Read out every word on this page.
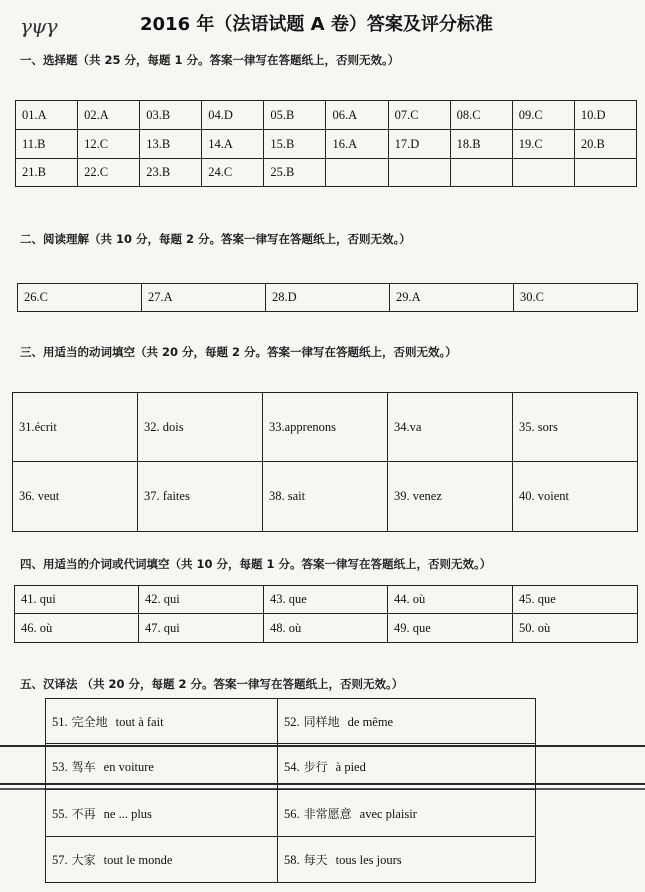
γψγ	2016 年（法语试题 A 卷）答案及评分标准
一、选择题（共 25 分，每题 1 分。答案一律写在答题纸上，否则无效。）
01.A	02.A	03.B	04.D	05.B	06.A	07.C	08.C	09.C	10.D
11.B	12.C	13.B	14.A	15.B	16.A	17.D	18.B	19.C	20.B
21.B	22.C	23.B	24.C	25.B					
二、阅读理解（共 10 分，每题 2 分。答案一律写在答题纸上，否则无效。）
26.C	27.A	28.D	29.A	30.C
三、用适当的动词填空（共 20 分，每题 2 分。答案一律写在答题纸上，否则无效。）
31.écrit	32. dois	33.apprenons	34.va	35. sors
36. veut	37. faites	38. sait	39. venez	40. voient
四、用适当的介词或代词填空（共 10 分，每题 1 分。答案一律写在答题纸上，否则无效。）
41. qui	42. qui	43. que	44. où	45. que
46. où	47. qui	48. où	49. que	50. où
五、汉译法 （共 20 分，每题 2 分。答案一律写在答题纸上，否则无效。）
51. 完全地 tout à fait	52. 同样地 de même
53. 驾车 en voiture	54. 步行 à pied
55. 不再 ne ... plus	56. 非常愿意 avec plaisir
57. 大家 tout le monde	58. 每天 tous les jours
